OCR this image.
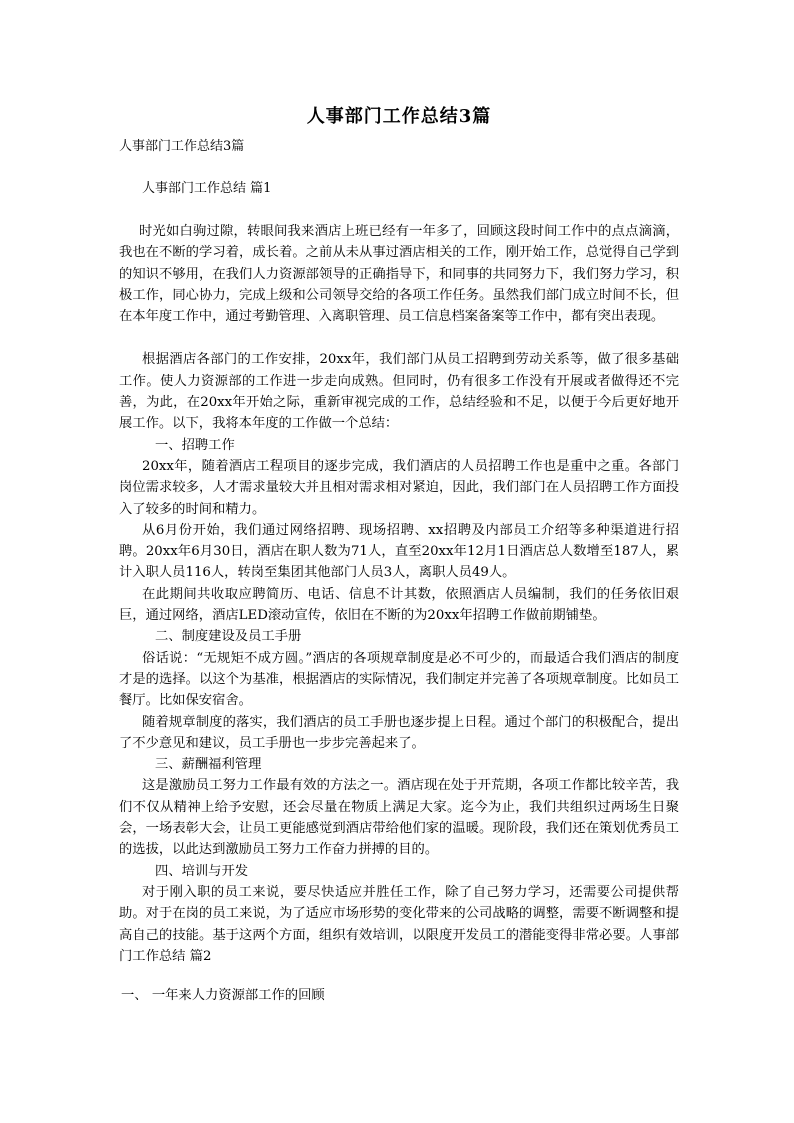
人事部门工作总结3篇
人事部门工作总结3篇
人事部门工作总结 篇1

时光如白驹过隙，转眼间我来酒店上班已经有一年多了，回顾这段时间工作中的点点滴滴，我也在不断的学习着，成长着。之前从未从事过酒店相关的工作，刚开始工作，总觉得自己学到的知识不够用，在我们人力资源部领导的正确指导下，和同事的共同努力下，我们努力学习，积极工作，同心协力，完成上级和公司领导交给的各项工作任务。虽然我们部门成立时间不长，但在本年度工作中，通过考勤管理、入离职管理、员工信息档案备案等工作中，都有突出表现。

根据酒店各部门的工作安排，20xx年，我们部门从员工招聘到劳动关系等，做了很多基础工作。使人力资源部的工作进一步走向成熟。但同时，仍有很多工作没有开展或者做得还不完善，为此，在20xx年开始之际，重新审视完成的工作，总结经验和不足，以便于今后更好地开展工作。以下，我将本年度的工作做一个总结：

一、招聘工作

20xx年，随着酒店工程项目的逐步完成，我们酒店的人员招聘工作也是重中之重。各部门岗位需求较多，人才需求量较大并且相对需求相对紧迫，因此，我们部门在人员招聘工作方面投入了较多的时间和精力。

从6月份开始，我们通过网络招聘、现场招聘、xx招聘及内部员工介绍等多种渠道进行招聘。20xx年6月30日，酒店在职人数为71人，直至20xx年12月1日酒店总人数增至187人，累计入职人员116人，转岗至集团其他部门人员3人，离职人员49人。

在此期间共收取应聘简历、电话、信息不计其数，依照酒店人员编制，我们的任务依旧艰巨，通过网络，酒店LED滚动宣传，依旧在不断的为20xx年招聘工作做前期铺垫。

二、制度建设及员工手册

俗话说：“无规矩不成方圆。”酒店的各项规章制度是必不可少的，而最适合我们酒店的制度才是的选择。以这个为基准，根据酒店的实际情况，我们制定并完善了各项规章制度。比如员工餐厅。比如保安宿舍。

随着规章制度的落实，我们酒店的员工手册也逐步提上日程。通过个部门的积极配合，提出了不少意见和建议，员工手册也一步步完善起来了。

三、薪酬福利管理

这是激励员工努力工作最有效的方法之一。酒店现在处于开荒期，各项工作都比较辛苦，我们不仅从精神上给予安慰，还会尽量在物质上满足大家。迄今为止，我们共组织过两场生日聚会，一场表彰大会，让员工更能感觉到酒店带给他们家的温暖。现阶段，我们还在策划优秀员工的选拔，以此达到激励员工努力工作奋力拼搏的目的。

四、培训与开发

对于刚入职的员工来说，要尽快适应并胜任工作，除了自己努力学习，还需要公司提供帮助。对于在岗的员工来说，为了适应市场形势的变化带来的公司战略的调整，需要不断调整和提高自己的技能。基于这两个方面，组织有效培训，以限度开发员工的潜能变得非常必要。人事部门工作总结 篇2

一、 一年来人力资源部工作的回顾
